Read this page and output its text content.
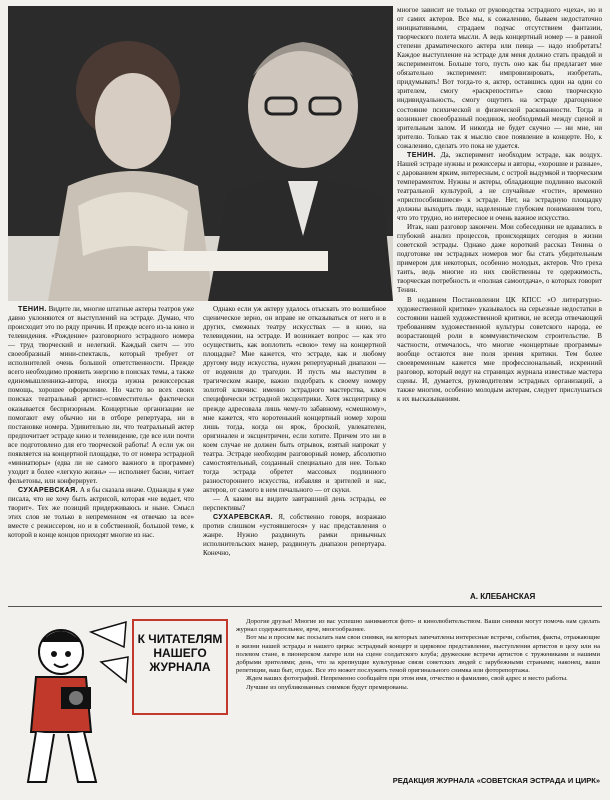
ТЕНИН. Видите ли, многие штатные актеры театров уже давно уклоняются от выступлений на эстраде. Думаю, что происходит это по ряду причин. И прежде всего из-за кино и телевидения. «Рождение» разговорного эстрадного номера — труд творческий и нелегкий. Каждый скетч — это своеобразный мини-спектакль, который требует от исполнителей очень большой ответственности. Прежде всего необходимо проявить энергию в поисках темы, а также единомышленника-автора, иногда нужна режиссерская помощь, хорошее оформление. Но часто во всех своих поисках театральный артист-«совместитель» фактически оказывается беспризорным. Концертные организации не помогают ему обычно ни в отборе репертуара, ни в постановке номера. Удивительно ли, что театральный актер предпочитает эстраде кино и телевидение, где все или почти все подготовлено для его творческой работы! А если уж он появляется на концертной площадке, то от номера эстрадной «миниатюры» (едва ли не самого важного в программе) уходит в более «легкую жизнь» — исполняет басни, читает фельетоны, или конферирует.

СУХАРЕВСКАЯ. А я бы сказала иначе. Однажды я уже писала, что не хочу быть актрисой, которая «не ведает, что творит». Тех же позиций придерживаюсь и ныне. Смысл этих слов не только в непременном «я отвечаю за все» вместе с режиссером, но и в собственной, большой теме, к которой в конце концов приходят многие из нас.

Однако если уж актеру удалось отыскать это волшебное сценическое зерно, он вправе не отказываться от него и в других, смежных театру искусствах — в кино, на телевидении, на эстраде. И возникает вопрос — как это осуществить, как воплотить «свою» тему на концертной площадке? Мне кажется, что эстраде, как и любому другому виду искусства, нужен репертуарный диапазон — от водевиля до трагедии. И пусть мы выступим в трагическом жанре, важно подобрать к своему номеру золотой ключик: именно эстрадного мастерства, ключ специфически эстрадной эксцентрики. Хотя эксцентрику я прежде адресовала лишь чему-то забавному, «смешному», мне кажется, что коротенький концертный номер хорош лишь тогда, когда он ярок, броской, увлекателен, оригинален и эксцентричен, если хотите. Причем это ни в коем случае не должен быть отрывок, взятый напрокат у театра. Эстраде необходим разговорный номер, абсолютно самостоятельный, созданный специально для нее. Только тогда эстрада обретет массовых подлинного разностороннего искусства, избавляя и зрителей и нас, актеров, от самого в нем печального — от скуки.

— А каким вы видите завтрашний день эстрады, ее перспективы?

СУХАРЕВСКАЯ. Я, собственно говоря, возражаю против слишком «устоявшегося» у нас представления о жанре. Нужно раздвинуть рамки привычных исполнительских манер, раздвинуть диапазон репертуара. Конечно,

многое зависит не только от руководства эстрадного «цеха», но и от самих актеров. Все мы, к сожалению, бываем недостаточно инициативными, страдаем подчас отсутствием фантазии, творческого полета мысли. А ведь концертный номер — в равной степени драматического актера или певца — надо изобретать! Каждое выступление на эстраде для меня должно стать правдой и экспериментом. Больше того, пусть оно как бы предлагает мне обязательно эксперимент: импровизировать, изобретать, придумывать! Вот тогда-то я, актер, оставшись один на один со зрителем, смогу «раскрепостить» свою творческую индивидуальность, смогу ощутить на эстраде драгоценное состояние психической и физической раскованности. Тогда и возникнет своеобразный поединок, необходимый между сценой и зрительным залом. И никогда не будет скучно — ни мне, ни зрителю. Только так я мыслю свое появление в концерте. Но, к сожалению, сделать это пока не удается.

ТЕНИН. Да, эксперимент необходим эстраде, как воздух. Нашей эстраде нужны и режиссеры и авторы, «хорошие и разные», с дарованием ярким, интересным, с острой выдумкой и творческим темпераментом. Нужны и актеры, обладающие подлинно высокой театральной культурой, а не случайные «гости», временно «приспособившиеся» к эстраде. Нет, на эстрадную площадку должны выходить люди, наделенные глубоким пониманием того, что это трудно, но интересное и очень важное искусство.

Итак, наш разговор закончен. Мои собеседники не вдавались в глубокий анализ процессов, происходящих сегодня в жизни советской эстрады. Однако даже короткий рассказ Тенина о подготовке им эстрадных номеров мог бы стать убедительным примером для некоторых, особенно молодых, актеров. Что греха таить, ведь многие из них свойственны те одержимость, творческая потребность и «полная самоотдача», о которых говорит Тенин.

В недавнем Постановлении ЦК КПСС «О литературно-художественной критике» указывалось на серьезные недостатки в состоянии нашей художественной критики, не всегда отвечающей требованиям художественной культуры советского народа, ее возрастающей роли в коммунистическом строительстве. В частности, отмечалось, что многие «концертные программы» вообще остаются вне поля зрения критики. Тем более своевременным кажется мне профессиональный, искренний разговор, который ведут на страницах журнала известные мастера сцены. И, думается, руководителям эстрадных организаций, а также многим, особенно молодым актерам, следует прислушаться к их высказываниям.

А. КЛЕБАНСКАЯ
К ЧИТАТЕЛЯМ
НАШЕГО
ЖУРНАЛА

Дорогие друзья! Многие из вас успешно занимаются фото- и кинолюбительством. Ваши снимки могут помочь нам сделать журнал содержательнее, ярче, многообразнее.

Вот мы и просим вас посылать нам свои снимки, на которых запечатлены интересные встречи, события, факты, отражающие в жизни нашей эстрады и нашего цирка: эстрадный концерт и цирковое представление, выступления артистов в цеху или на полевом стане, в пионерском лагере или на сцене солдатского клуба; дружеские встречи артистов с тружениками и нашими добрыми зрителями; день, что за крепнущие культурные связи советских людей с зарубежными странами; наконец, ваши репетиции, ваш быт, отдых. Все это может послужить темой оригинального снимка или фоторепортажа.

Ждем ваших фотографий. Непременно сообщайте при этом имя, отчество и фамилию, свой адрес и место работы.

Лучшие из опубликованных снимков будут премированы.

РЕДАКЦИЯ ЖУРНАЛА «СОВЕТСКАЯ ЭСТРАДА И ЦИРК»
